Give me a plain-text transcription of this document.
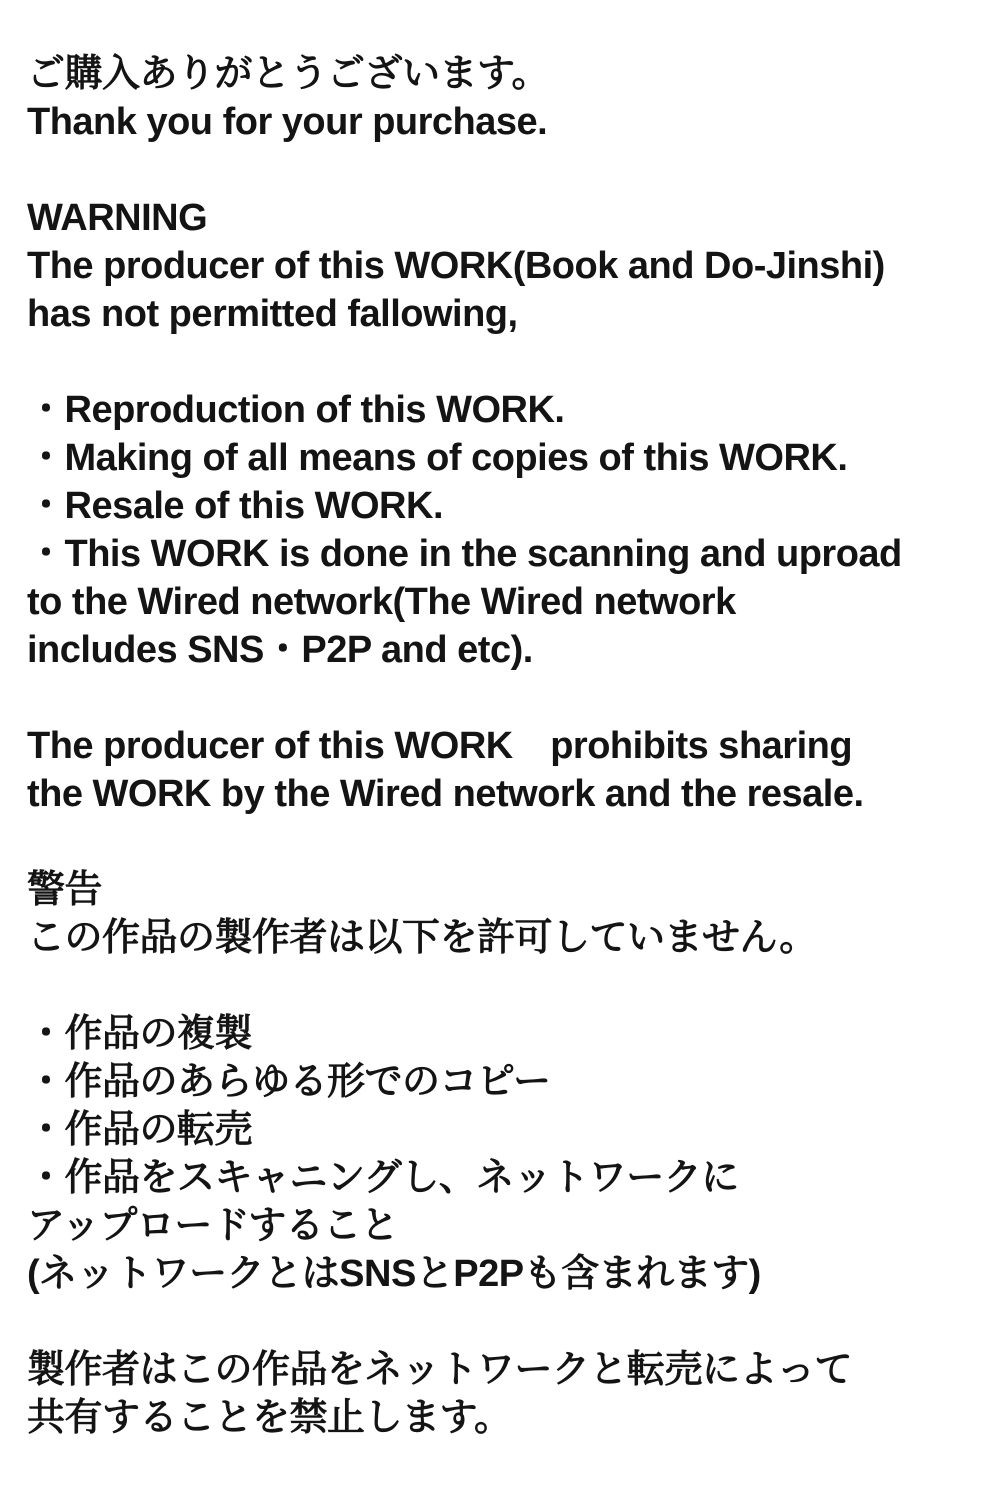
ご購入ありがとうございます。
Thank you for your purchase.
WARNING
The producer of this WORK(Book and Do-Jinshi)
has not permitted fallowing,
・Reproduction of this WORK.
・Making of all means of copies of this WORK.
・Resale of this WORK.
・This WORK is done in the scanning and uproad
to the Wired network(The Wired network
includes SNS・P2P and etc).
The producer of this WORK　prohibits sharing
the WORK by the Wired network and the resale.
警告
この作品の製作者は以下を許可していません。
・作品の複製
・作品のあらゆる形でのコピー
・作品の転売
・作品をスキャニングし、ネットワークに
アップロードすること
(ネットワークとはSNSとP2Pも含まれます)
製作者はこの作品をネットワークと転売によって
共有することを禁止します。
